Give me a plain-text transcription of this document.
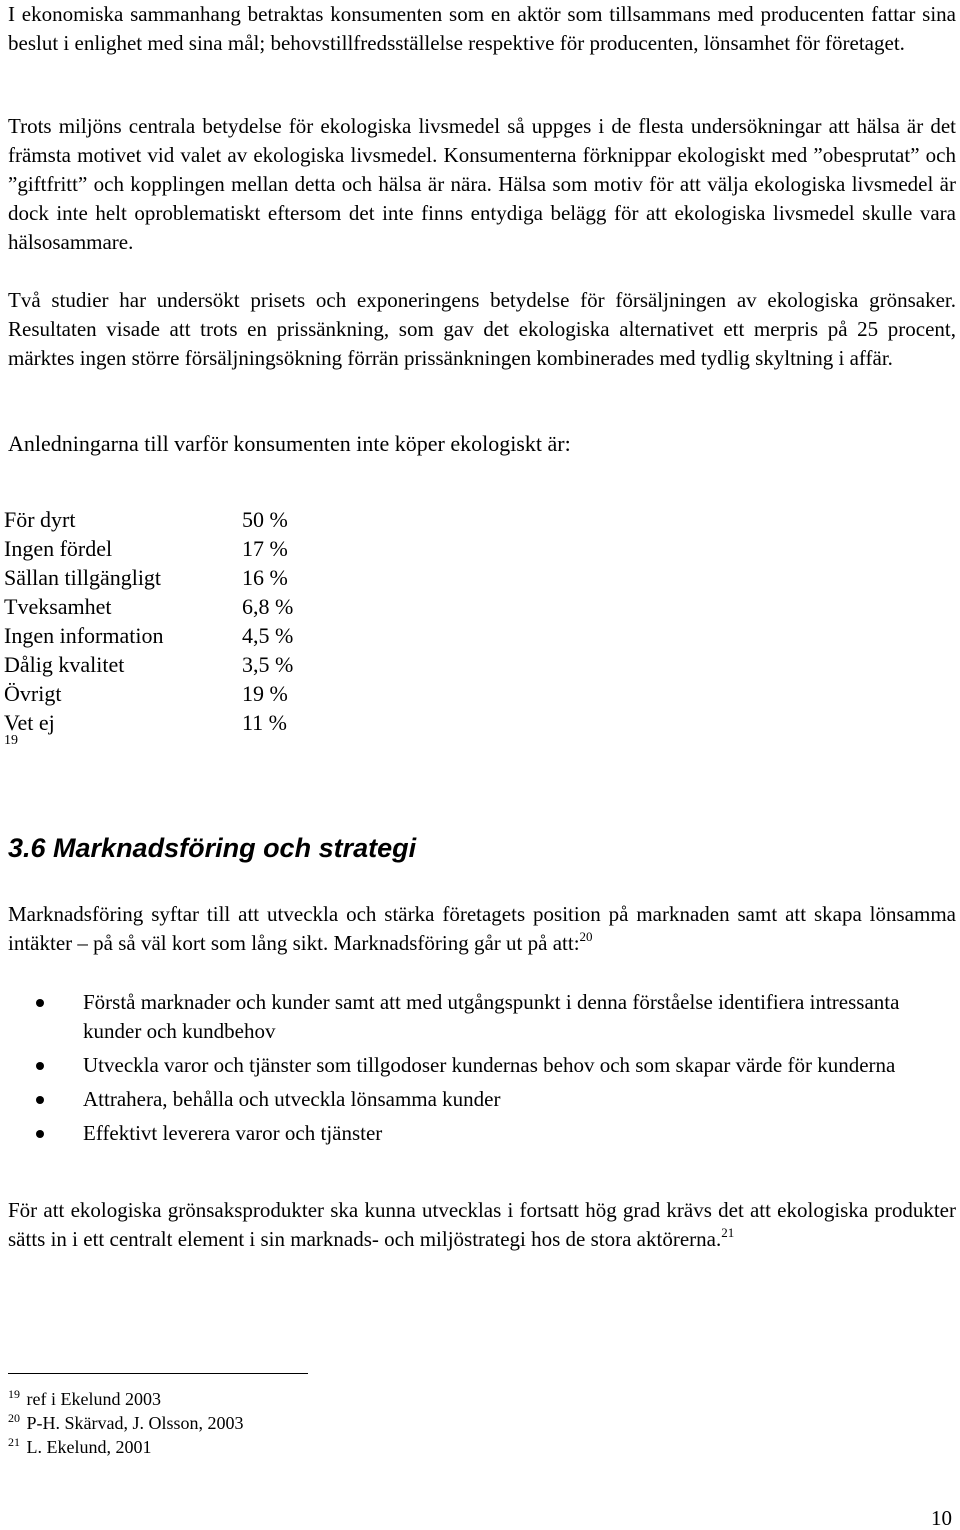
I ekonomiska sammanhang betraktas konsumenten som en aktör som tillsammans med producenten fattar sina beslut i enlighet med sina mål; behovstillfredsställelse respektive för producenten, lönsamhet för företaget.

Trots miljöns centrala betydelse för ekologiska livsmedel så uppges i de flesta undersökningar att hälsa är det främsta motivet vid valet av ekologiska livsmedel. Konsumenterna förknippar ekologiskt med ”obesprutat” och ”giftfritt” och kopplingen mellan detta och hälsa är nära. Hälsa som motiv för att välja ekologiska livsmedel är dock inte helt oproblematiskt eftersom det inte finns entydiga belägg för att ekologiska livsmedel skulle vara hälsosammare.

Två studier har undersökt prisets och exponeringens betydelse för försäljningen av ekologiska grönsaker. Resultaten visade att trots en prissänkning, som gav det ekologiska alternativet ett merpris på 25 procent, märktes ingen större försäljningsökning förrän prissänkningen kombinerades med tydlig skyltning i affär.

Anledningarna till varför konsumenten inte köper ekologiskt är:

För dyrt	50 %
Ingen fördel	17 %
Sällan tillgängligt	16 %
Tveksamhet	6,8 %
Ingen information	4,5 %
Dålig kvalitet	3,5 %
Övrigt	19 %
Vet ej	11 %
19
3.6 Marknadsföring och strategi

Marknadsföring syftar till att utveckla och stärka företagets position på marknaden samt att skapa lönsamma intäkter – på så väl kort som lång sikt. Marknadsföring går ut på att:$^{20}$

Förstå marknader och kunder samt att med utgångspunkt i denna förståelse identifiera intressanta kunder och kundbehov
Utveckla varor och tjänster som tillgodoser kundernas behov och som skapar värde för kunderna
Attrahera, behålla och utveckla lönsamma kunder
Effektivt leverera varor och tjänster

För att ekologiska grönsaksprodukter ska kunna utvecklas i fortsatt hög grad krävs det att ekologiska produkter sätts in i ett centralt element i sin marknads- och miljöstrategi hos de stora aktörerna.$^{21}$

$^{19}$ ref i Ekelund 2003
$^{20}$ P-H. Skärvad, J. Olsson, 2003
$^{21}$ L. Ekelund, 2001
10
